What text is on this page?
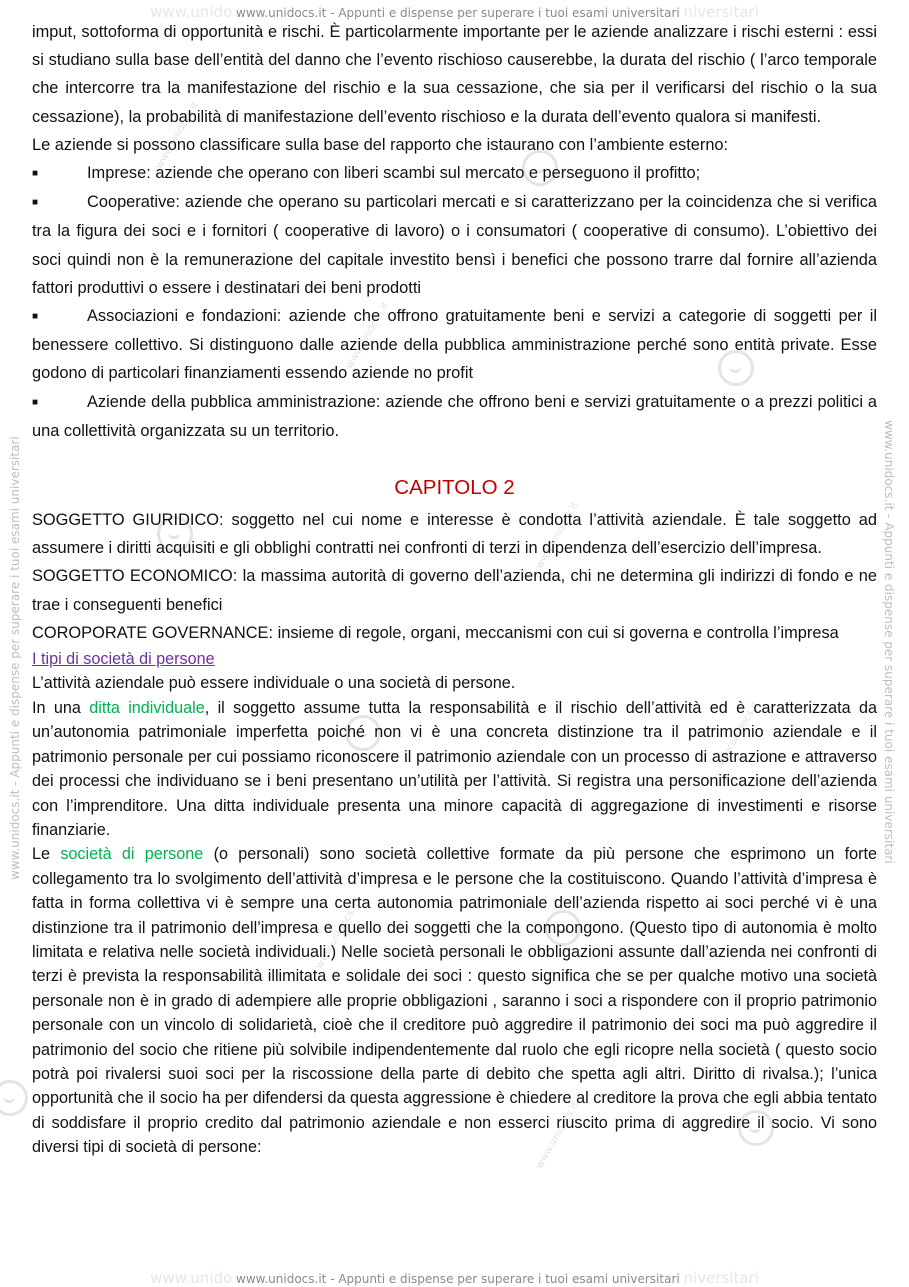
www.unido www.unidocs.it - Appunti e dispense per superare i tuoi esami universitari niversitari
www.unidocs.it - Appunti e dispense per superare i tuoi esami universitari	www.unidocs.it - Appunti e dispense per superare i tuoi esami universitari
www.unidocs.it
www.unidocs.it
www.unidocs.it
www.unidocs.it
www.unidocs.it
www.unidocs.it

imput, sottoforma di opportunità e rischi. È particolarmente importante per le aziende analizzare i rischi esterni : essi si studiano sulla base dell’entità del danno che l’evento rischioso causerebbe, la durata del rischio ( l’arco temporale che intercorre tra la manifestazione del rischio e la sua cessazione, che sia per il verificarsi del rischio o la sua cessazione), la probabilità di manifestazione dell’evento rischioso e la durata dell’evento qualora si manifesti.

Le aziende si possono classificare sulla base del rapporto che istaurano con l’ambiente esterno:

■	Imprese: aziende che operano con liberi scambi sul mercato e perseguono il profitto;
■	Cooperative: aziende che operano su particolari mercati e si caratterizzano per la coincidenza che si verifica tra la figura dei soci e i fornitori ( cooperative di lavoro) o i consumatori ( cooperative di consumo). L’obiettivo dei soci quindi non è la remunerazione del capitale investito bensì i benefici che possono trarre dal fornire all’azienda fattori produttivi o essere i destinatari dei beni prodotti
■	Associazioni e fondazioni: aziende che offrono gratuitamente beni e servizi a categorie di soggetti per il benessere collettivo. Si distinguono dalle aziende della pubblica amministrazione perché sono entità private. Esse godono di particolari finanziamenti essendo aziende no profit
■	Aziende della pubblica amministrazione: aziende che offrono beni e servizi gratuitamente o a prezzi politici a una collettività organizzata su un territorio.

CAPITOLO 2

SOGGETTO GIURIDICO: soggetto nel cui nome e interesse è condotta l’attività aziendale. È tale soggetto ad assumere i diritti acquisiti e gli obblighi contratti nei confronti di terzi in dipendenza dell’esercizio dell’impresa.

SOGGETTO ECONOMICO: la massima autorità di governo dell’azienda, chi ne determina gli indirizzi di fondo e ne trae i conseguenti benefici

COROPORATE GOVERNANCE: insieme di regole, organi, meccanismi con cui si governa e controlla l’impresa

I tipi di società di persone

L’attività aziendale può essere individuale o una società di persone.

In una ditta individuale, il soggetto assume tutta la responsabilità e il rischio dell’attività ed è caratterizzata da un’autonomia patrimoniale imperfetta poiché non vi è una concreta distinzione tra il patrimonio aziendale e il patrimonio personale per cui possiamo riconoscere il patrimonio aziendale con un processo di astrazione e attraverso dei processi che individuano se i beni presentano un’utilità per l’attività. Si registra una personificazione dell’azienda con l’imprenditore. Una ditta individuale presenta una minore capacità di aggregazione di investimenti e risorse finanziarie.

Le società di persone (o personali) sono società collettive formate da più persone che esprimono un forte collegamento tra lo svolgimento dell’attività d’impresa e le persone che la costituiscono. Quando l’attività d’impresa è fatta in forma collettiva vi è sempre una certa autonomia patrimoniale dell’azienda rispetto ai soci perché vi è una distinzione tra il patrimonio dell’impresa e quello dei soggetti che la compongono. (Questo tipo di autonomia è molto limitata e relativa nelle società individuali.) Nelle società personali le obbligazioni assunte dall’azienda nei confronti di terzi è prevista la responsabilità illimitata e solidale dei soci : questo significa che se per qualche motivo una società personale non è in grado di adempiere alle proprie obbligazioni , saranno i soci a rispondere con il proprio patrimonio personale con un vincolo di solidarietà, cioè che il creditore può aggredire il patrimonio dei soci ma può aggredire il patrimonio del socio che ritiene più solvibile indipendentemente dal ruolo che egli ricopre nella società ( questo socio potrà poi rivalersi suoi soci per la riscossione della parte di debito che spetta agli altri. Diritto di rivalsa.); l’unica opportunità che il socio ha per difendersi da questa aggressione è chiedere al creditore la prova che egli abbia tentato di soddisfare il proprio credito dal patrimonio aziendale e non esserci riuscito prima di aggredire il socio. Vi sono diversi tipi di società di persone:

www.unido www.unidocs.it - Appunti e dispense per superare i tuoi esami universitari niversitari
